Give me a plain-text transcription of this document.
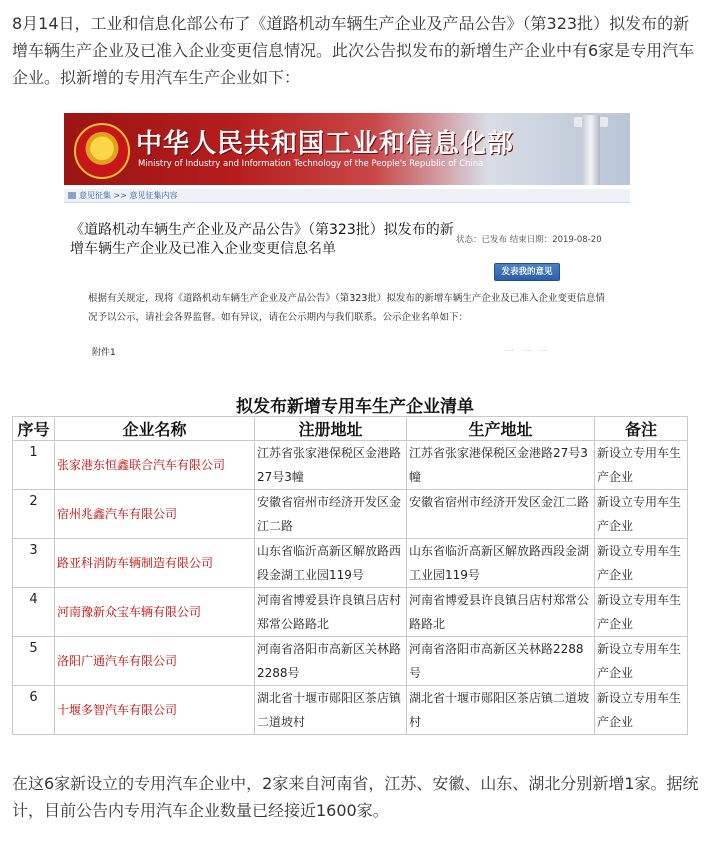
8月14日，工业和信息化部公布了《道路机动车辆生产企业及产品公告》（第323批）拟发布的新增车辆生产企业及已准入企业变更信息情况。此次公告拟发布的新增生产企业中有6家是专用汽车企业。拟新增的专用汽车生产企业如下：
中华人民共和国工业和信息化部
Ministry of Industry and Information Technology of the People's Republic of China
意见征集 >> 意见征集内容
《道路机动车辆生产企业及产品公告》（第323批）拟发布的新增车辆生产企业及已准入企业变更信息名单
状态：已发布 结束日期：2019-08-20
发表我的意见
根据有关规定，现将《道路机动车辆生产企业及产品公告》（第323批）拟发布的新增车辆生产企业及已准入企业变更信息情况予以公示，请社会各界监督。如有异议，请在公示期内与我们联系。公示企业名单如下：
附件1	一 一 一
拟发布新增专用车生产企业清单
序号	企业名称	注册地址	生产地址	备注
1	张家港东恒鑫联合汽车有限公司	江苏省张家港保税区金港路27号3幢	江苏省张家港保税区金港路27号3幢	新设立专用车生产企业
2	宿州兆鑫汽车有限公司	安徽省宿州市经济开发区金江二路	安徽省宿州市经济开发区金江二路	新设立专用车生产企业
3	路亚科消防车辆制造有限公司	山东省临沂高新区解放路西段金湖工业园119号	山东省临沂高新区解放路西段金湖工业园119号	新设立专用车生产企业
4	河南豫新众宝车辆有限公司	河南省博爱县许良镇吕店村郑常公路路北	河南省博爱县许良镇吕店村郑常公路路北	新设立专用车生产企业
5	洛阳广通汽车有限公司	河南省洛阳市高新区关林路2288号	河南省洛阳市高新区关林路2288号	新设立专用车生产企业
6	十堰多智汽车有限公司	湖北省十堰市郧阳区茶店镇二道坡村	湖北省十堰市郧阳区茶店镇二道坡村	新设立专用车生产企业
在这6家新设立的专用汽车企业中，2家来自河南省，江苏、安徽、山东、湖北分别新增1家。据统计，目前公告内专用汽车企业数量已经接近1600家。
